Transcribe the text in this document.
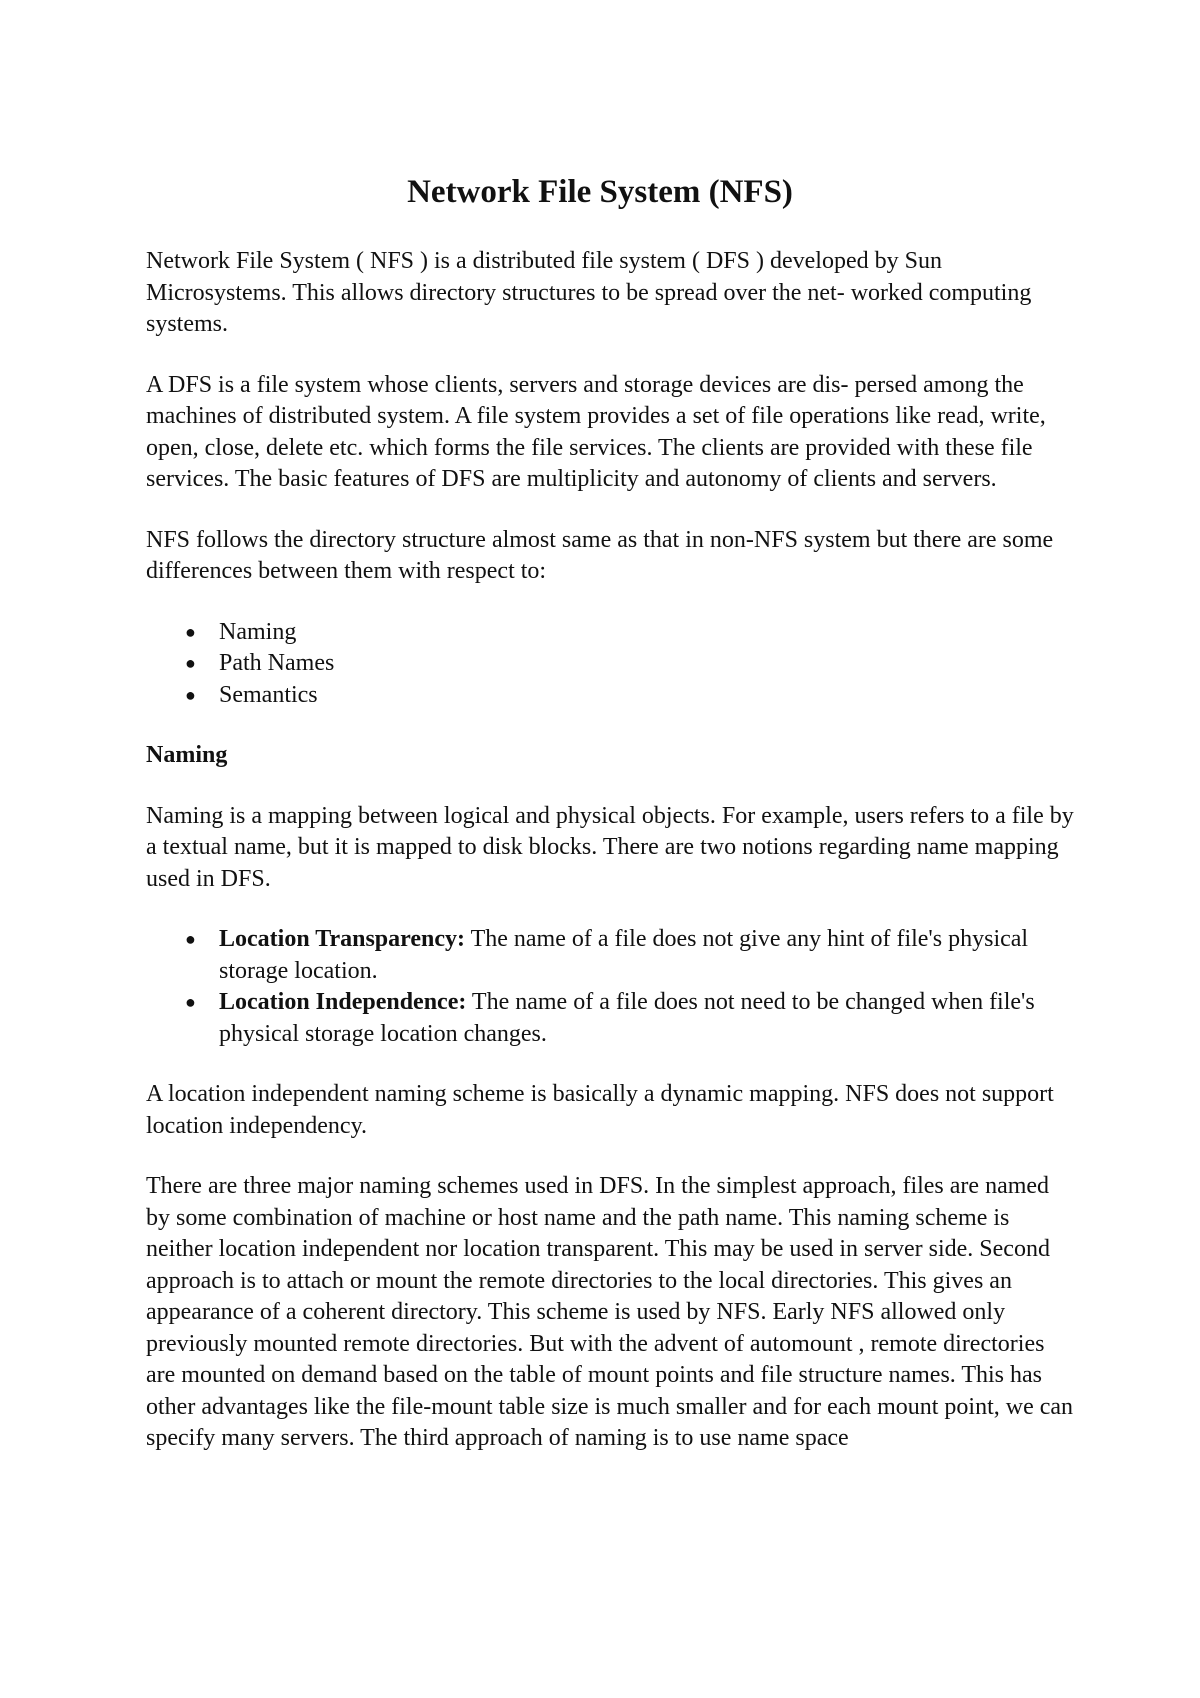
Network File System (NFS)

Network File System ( NFS ) is a distributed file system ( DFS ) developed by Sun Microsystems. This allows directory structures to be spread over the net- worked computing systems.

A DFS is a file system whose clients, servers and storage devices are dis- persed among the machines of distributed system. A file system provides a set of file operations like read, write, open, close, delete etc. which forms the file services. The clients are provided with these file services. The basic features of DFS are multiplicity and autonomy of clients and servers.

NFS follows the directory structure almost same as that in non-NFS system but there are some differences between them with respect to:

● Naming
● Path Names
● Semantics
Naming

Naming is a mapping between logical and physical objects. For example, users refers to a file by a textual name, but it is mapped to disk blocks. There are two notions regarding name mapping used in DFS.

● Location Transparency: The name of a file does not give any hint of file's physical storage location.
● Location Independence: The name of a file does not need to be changed when file's physical storage location changes.

A location independent naming scheme is basically a dynamic mapping. NFS does not support location independency.

There are three major naming schemes used in DFS. In the simplest approach, files are named by some combination of machine or host name and the path name. This naming scheme is neither location independent nor location transparent. This may be used in server side. Second approach is to attach or mount the remote directories to the local directories. This gives an appearance of a coherent directory. This scheme is used by NFS. Early NFS allowed only previously mounted remote directories. But with the advent of automount , remote directories are mounted on demand based on the table of mount points and file structure names. This has other advantages like the file-mount table size is much smaller and for each mount point, we can specify many servers. The third approach of naming is to use name space
